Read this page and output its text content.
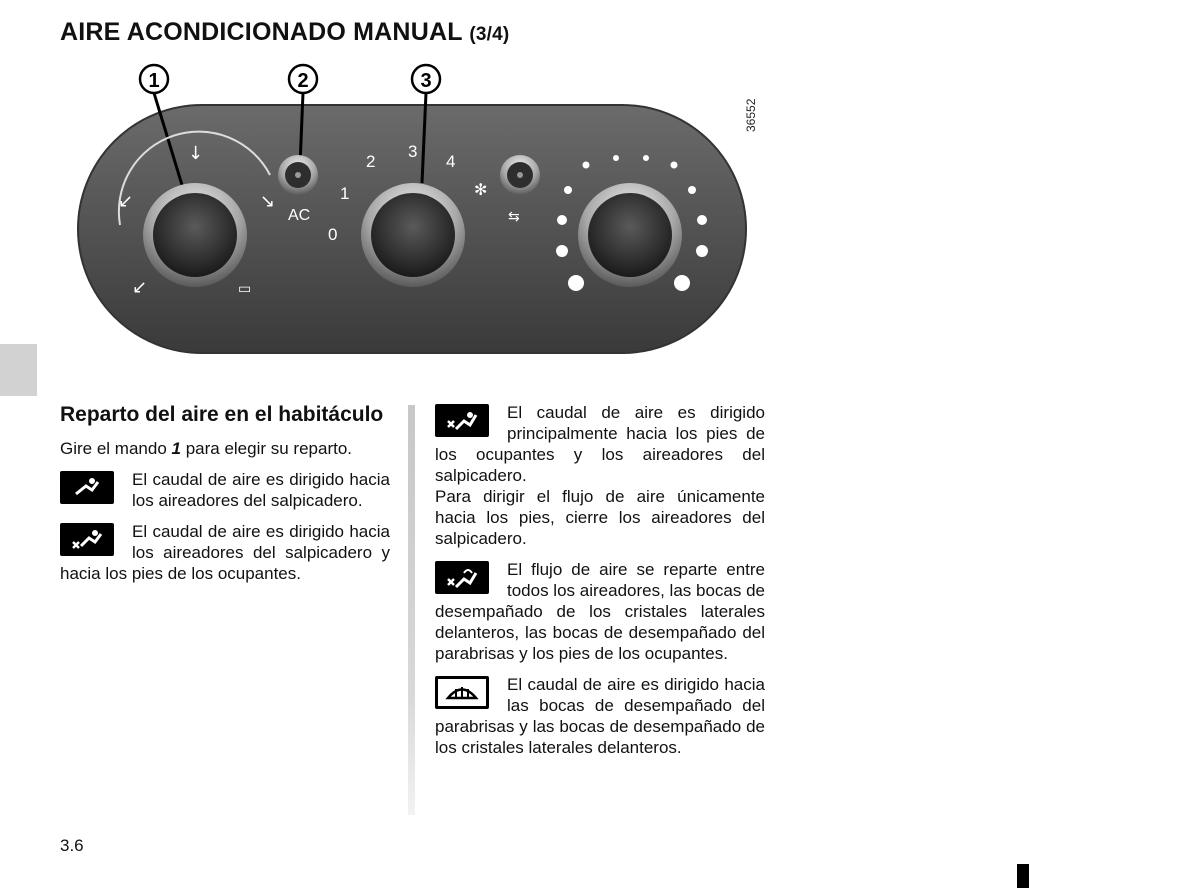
AIRE ACONDICIONADO MANUAL (3/4)
1	2	3
↙
↓
↘
↙	▭
AC
0
1
2
3
4
✻
⇆
36552
Reparto del aire en el habitáculo

Gire el mando 1 para elegir su reparto.

El caudal de aire es dirigido hacia los aireadores del salpicadero.
El caudal de aire es dirigido hacia los aireadores del salpicadero y hacia los pies de los ocupantes.
El caudal de aire es dirigido principalmente hacia los pies de los ocupantes y los aireadores del salpicadero.

Para dirigir el flujo de aire únicamente hacia los pies, cierre los aireadores del salpicadero.

El flujo de aire se reparte entre todos los aireadores, las bocas de desempañado de los cristales laterales delanteros, las bocas de desempañado del parabrisas y los pies de los ocupantes.
El caudal de aire es dirigido hacia las bocas de desempañado del parabrisas y las bocas de desempañado de los cristales laterales delanteros.
3.6
